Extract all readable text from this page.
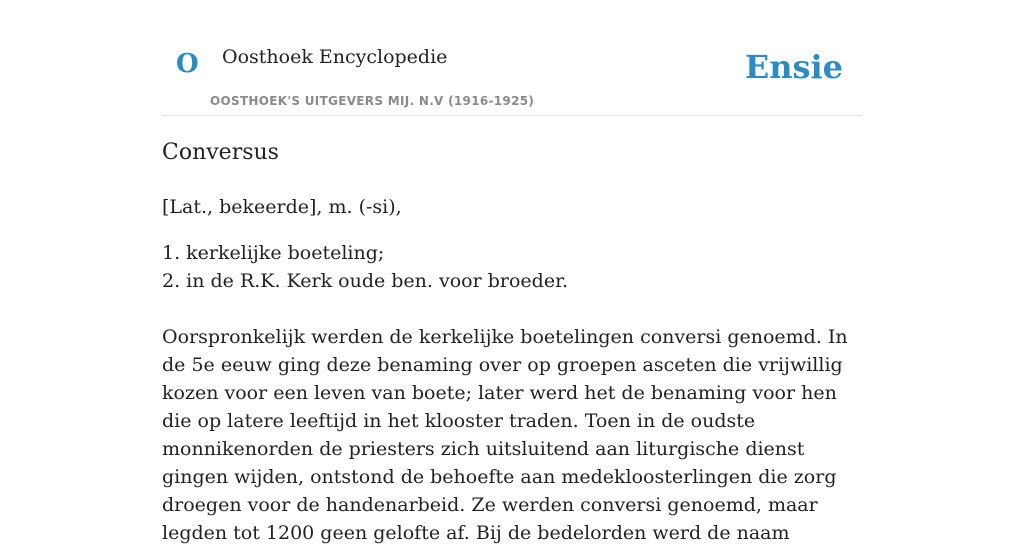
O Oosthoek Encyclopedie
OOSTHOEK'S UITGEVERS MIJ. N.V (1916-1925)
Ensie
Conversus
[Lat., bekeerde], m. (-si),
1. kerkelijke boeteling;
2. in de R.K. Kerk oude ben. voor broeder.

Oorspronkelijk werden de kerkelijke boetelingen conversi genoemd. In de 5e eeuw ging deze benaming over op groepen asceten die vrijwillig kozen voor een leven van boete; later werd het de benaming voor hen die op latere leeftijd in het klooster traden. Toen in de oudste monnikenorden de priesters zich uitsluitend aan liturgische dienst gingen wijden, ontstond de behoefte aan medekloosterlingen die zorg droegen voor de handenarbeid. Ze werden conversi genoemd, maar legden tot 1200 geen gelofte af. Bij de bedelorden werd de naam
